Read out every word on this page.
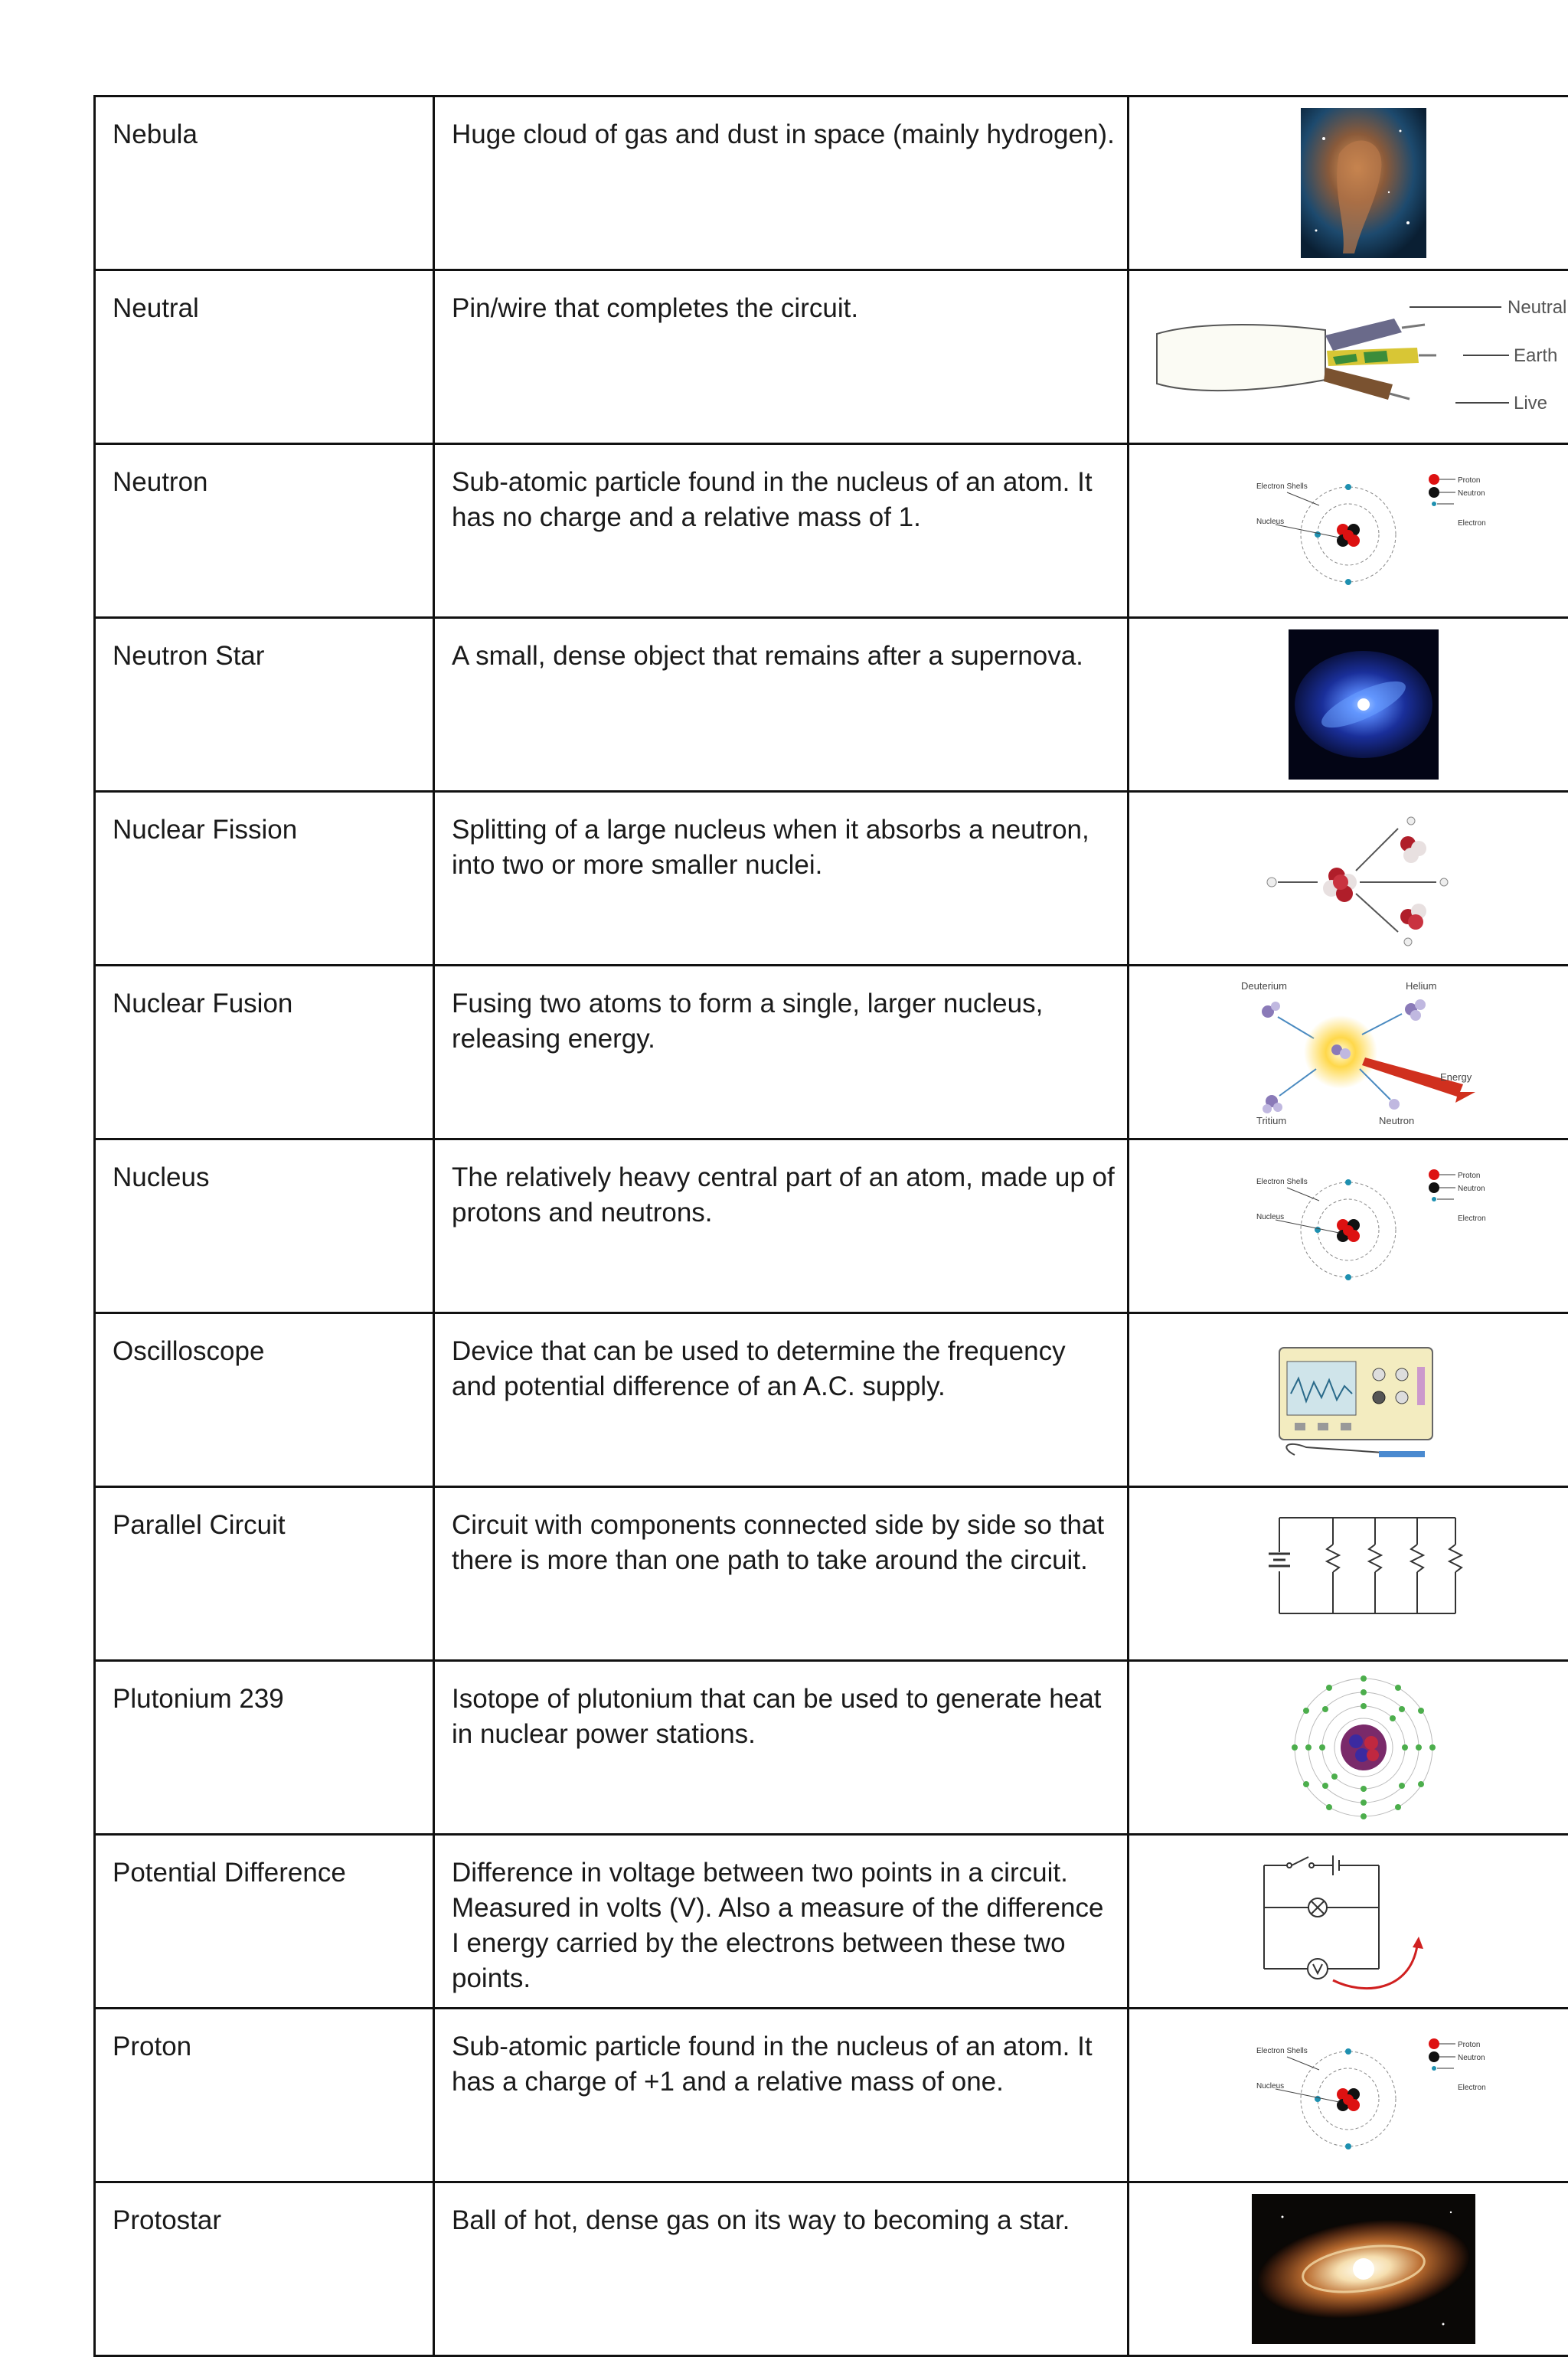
Nebula	Huge cloud of gas and dust in space (mainly hydrogen).	

Neutral	Pin/wire that completes the circuit.	Neutral
Earth
Live

Neutron	Sub-atomic particle found in the nucleus of an atom. It has no charge and a relative mass of 1.	Electron Shells
Nucleus
Proton
Neutron
Electron

Neutron Star	A small, dense object that remains after a supernova.	

Nuclear Fission	Splitting of a large nucleus when it absorbs a neutron, into two or more smaller nuclei.	

Nuclear Fusion	Fusing two atoms to form a single, larger nucleus, releasing energy.	Deuterium Helium
Energy
Tritium Neutron

Nucleus	The relatively heavy central part of an atom, made up of protons and neutrons.	Electron Shells
Nucleus
Proton
Neutron
Electron

Oscilloscope	Device that can be used to determine the frequency and potential difference of an A.C. supply.	

Parallel Circuit	Circuit with components connected side by side so that there is more than one path to take around the circuit.	

Plutonium 239	Isotope of plutonium that can be used to generate heat in nuclear power stations.	

Potential Difference	Difference in voltage between two points in a circuit. Measured in volts (V). Also a measure of the difference I energy carried by the electrons between these two points.	

Proton	Sub-atomic particle found in the nucleus of an atom. It has a charge of +1 and a relative mass of one.	Electron Shells
Nucleus
Proton
Neutron
Electron

Protostar	Ball of hot, dense gas on its way to becoming a star.	
